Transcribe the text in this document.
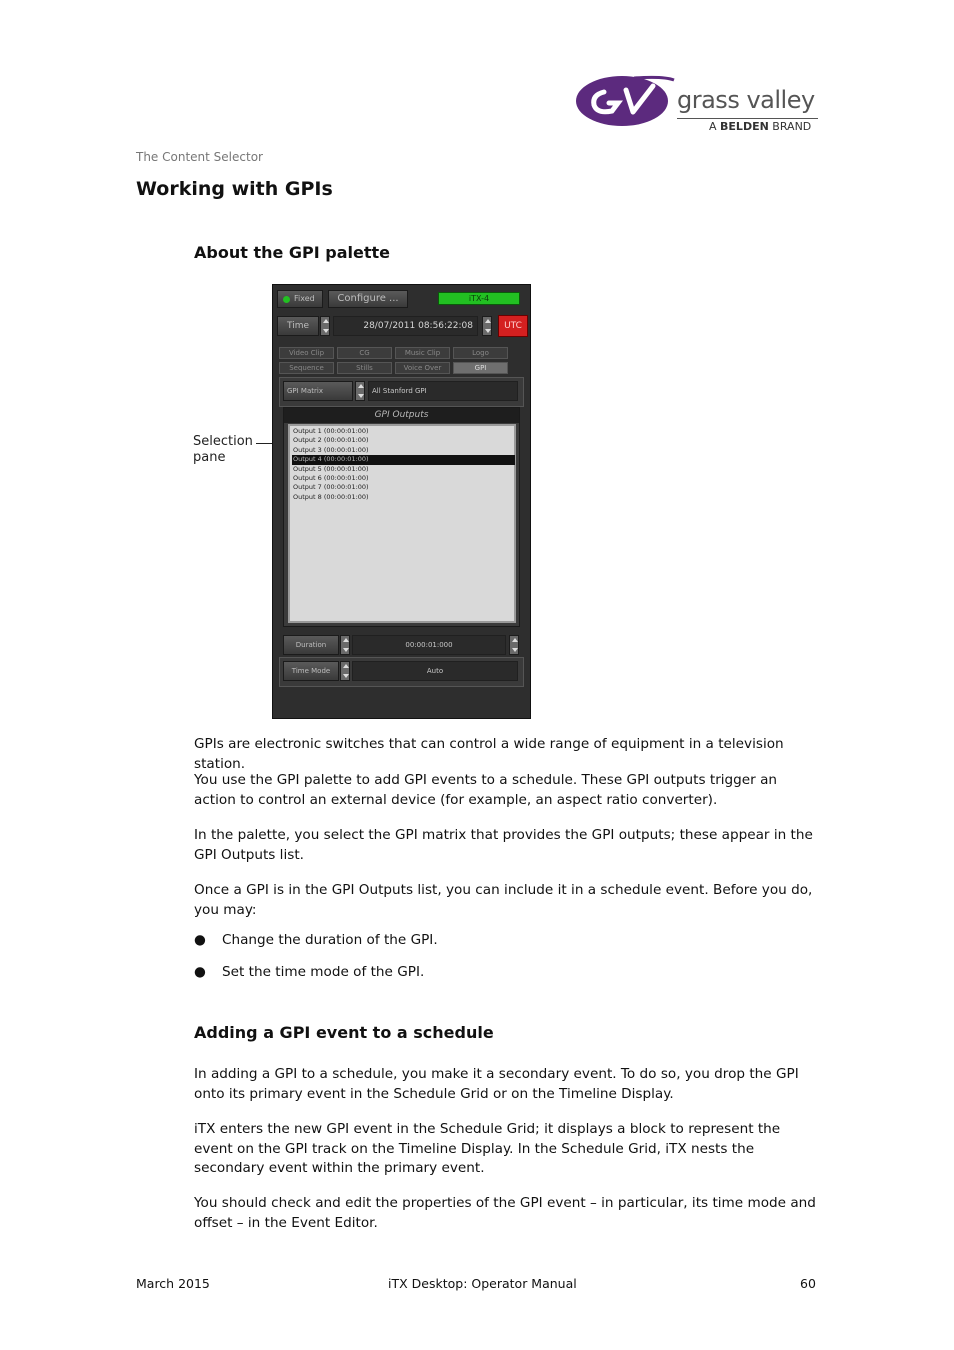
grass valley
A BELDEN BRAND
The Content Selector
Working with GPIs
About the GPI palette
Selection
pane
Fixed	Configure ...	iTX-4
Time	28/07/2011 08:56:22:08	UTC
Video Clip	CG	Music Clip	Logo
Sequence	Stills	Voice Over	GPI
GPI Matrix	All Stanford GPI
GPI Outputs
Output 1 (00:00:01:00)
Output 2 (00:00:01:00)
Output 3 (00:00:01:00)
Output 4 (00:00:01:00)
Output 5 (00:00:01:00)
Output 6 (00:00:01:00)
Output 7 (00:00:01:00)
Output 8 (00:00:01:00)
Duration	00:00:01:000
Time Mode	Auto
GPIs are electronic switches that can control a wide range of equipment in a television station.
You use the GPI palette to add GPI events to a schedule. These GPI outputs trigger an action to control an external device (for example, an aspect ratio converter).
In the palette, you select the GPI matrix that provides the GPI outputs; these appear in the GPI Outputs list.
Once a GPI is in the GPI Outputs list, you can include it in a schedule event. Before you do, you may:
● Change the duration of the GPI.
● Set the time mode of the GPI.
Adding a GPI event to a schedule
In adding a GPI to a schedule, you make it a secondary event. To do so, you drop the GPI onto its primary event in the Schedule Grid or on the Timeline Display.
iTX enters the new GPI event in the Schedule Grid; it displays a block to represent the event on the GPI track on the Timeline Display. In the Schedule Grid, iTX nests the secondary event within the primary event.
You should check and edit the properties of the GPI event – in particular, its time mode and offset – in the Event Editor.
March 2015	iTX Desktop: Operator Manual	60
